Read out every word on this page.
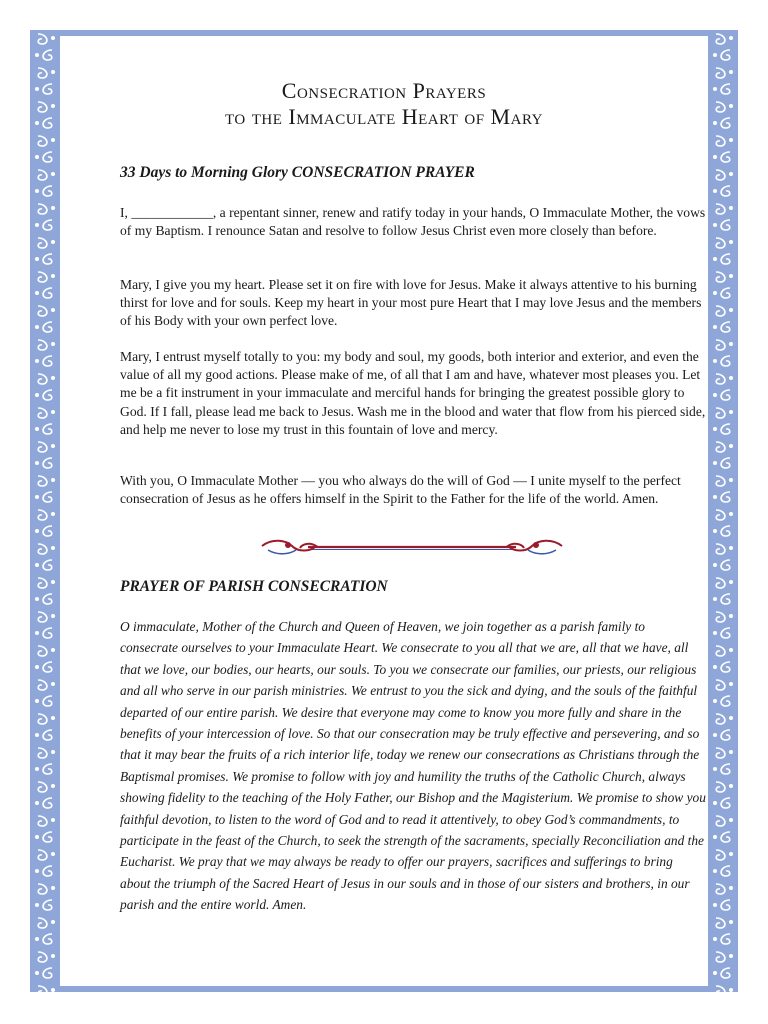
Consecration Prayers
to the Immaculate Heart of Mary
33 Days to Morning Glory CONSECRATION PRAYER

I, ____________, a repentant sinner, renew and ratify today in your hands, O Immaculate Mother, the vows of my Baptism. I renounce Satan and resolve to follow Jesus Christ even more closely than before.

Mary, I give you my heart. Please set it on fire with love for Jesus. Make it always attentive to his burning thirst for love and for souls. Keep my heart in your most pure Heart that I may love Jesus and the members of his Body with your own perfect love.

Mary, I entrust myself totally to you: my body and soul, my goods, both interior and exterior, and even the value of all my good actions. Please make of me, of all that I am and have, whatever most pleases you. Let me be a fit instrument in your immaculate and merciful hands for bringing the greatest possible glory to God. If I fall, please lead me back to Jesus. Wash me in the blood and water that flow from his pierced side, and help me never to lose my trust in this fountain of love and mercy.

With you, O Immaculate Mother — you who always do the will of God — I unite myself to the perfect consecration of Jesus as he offers himself in the Spirit to the Father for the life of the world. Amen.

PRAYER OF PARISH CONSECRATION

O immaculate, Mother of the Church and Queen of Heaven, we join together as a parish family to consecrate ourselves to your Immaculate Heart. We consecrate to you all that we are, all that we have, all that we love, our bodies, our hearts, our souls. To you we consecrate our families, our priests, our religious and all who serve in our parish ministries. We entrust to you the sick and dying, and the souls of the faithful departed of our entire parish. We desire that everyone may come to know you more fully and share in the benefits of your intercession of love. So that our consecration may be truly effective and persevering, and so that it may bear the fruits of a rich interior life, today we renew our consecrations as Christians through the Baptismal promises. We promise to follow with joy and humility the truths of the Catholic Church, always showing fidelity to the teaching of the Holy Father, our Bishop and the Magisterium. We promise to show you faithful devotion, to listen to the word of God and to read it attentively, to obey God’s commandments, to participate in the feast of the Church, to seek the strength of the sacraments, specially Reconciliation and the Eucharist. We pray that we may always be ready to offer our prayers, sacrifices and sufferings to bring about the triumph of the Sacred Heart of Jesus in our souls and in those of our sisters and brothers, in our parish and the entire world. Amen.
